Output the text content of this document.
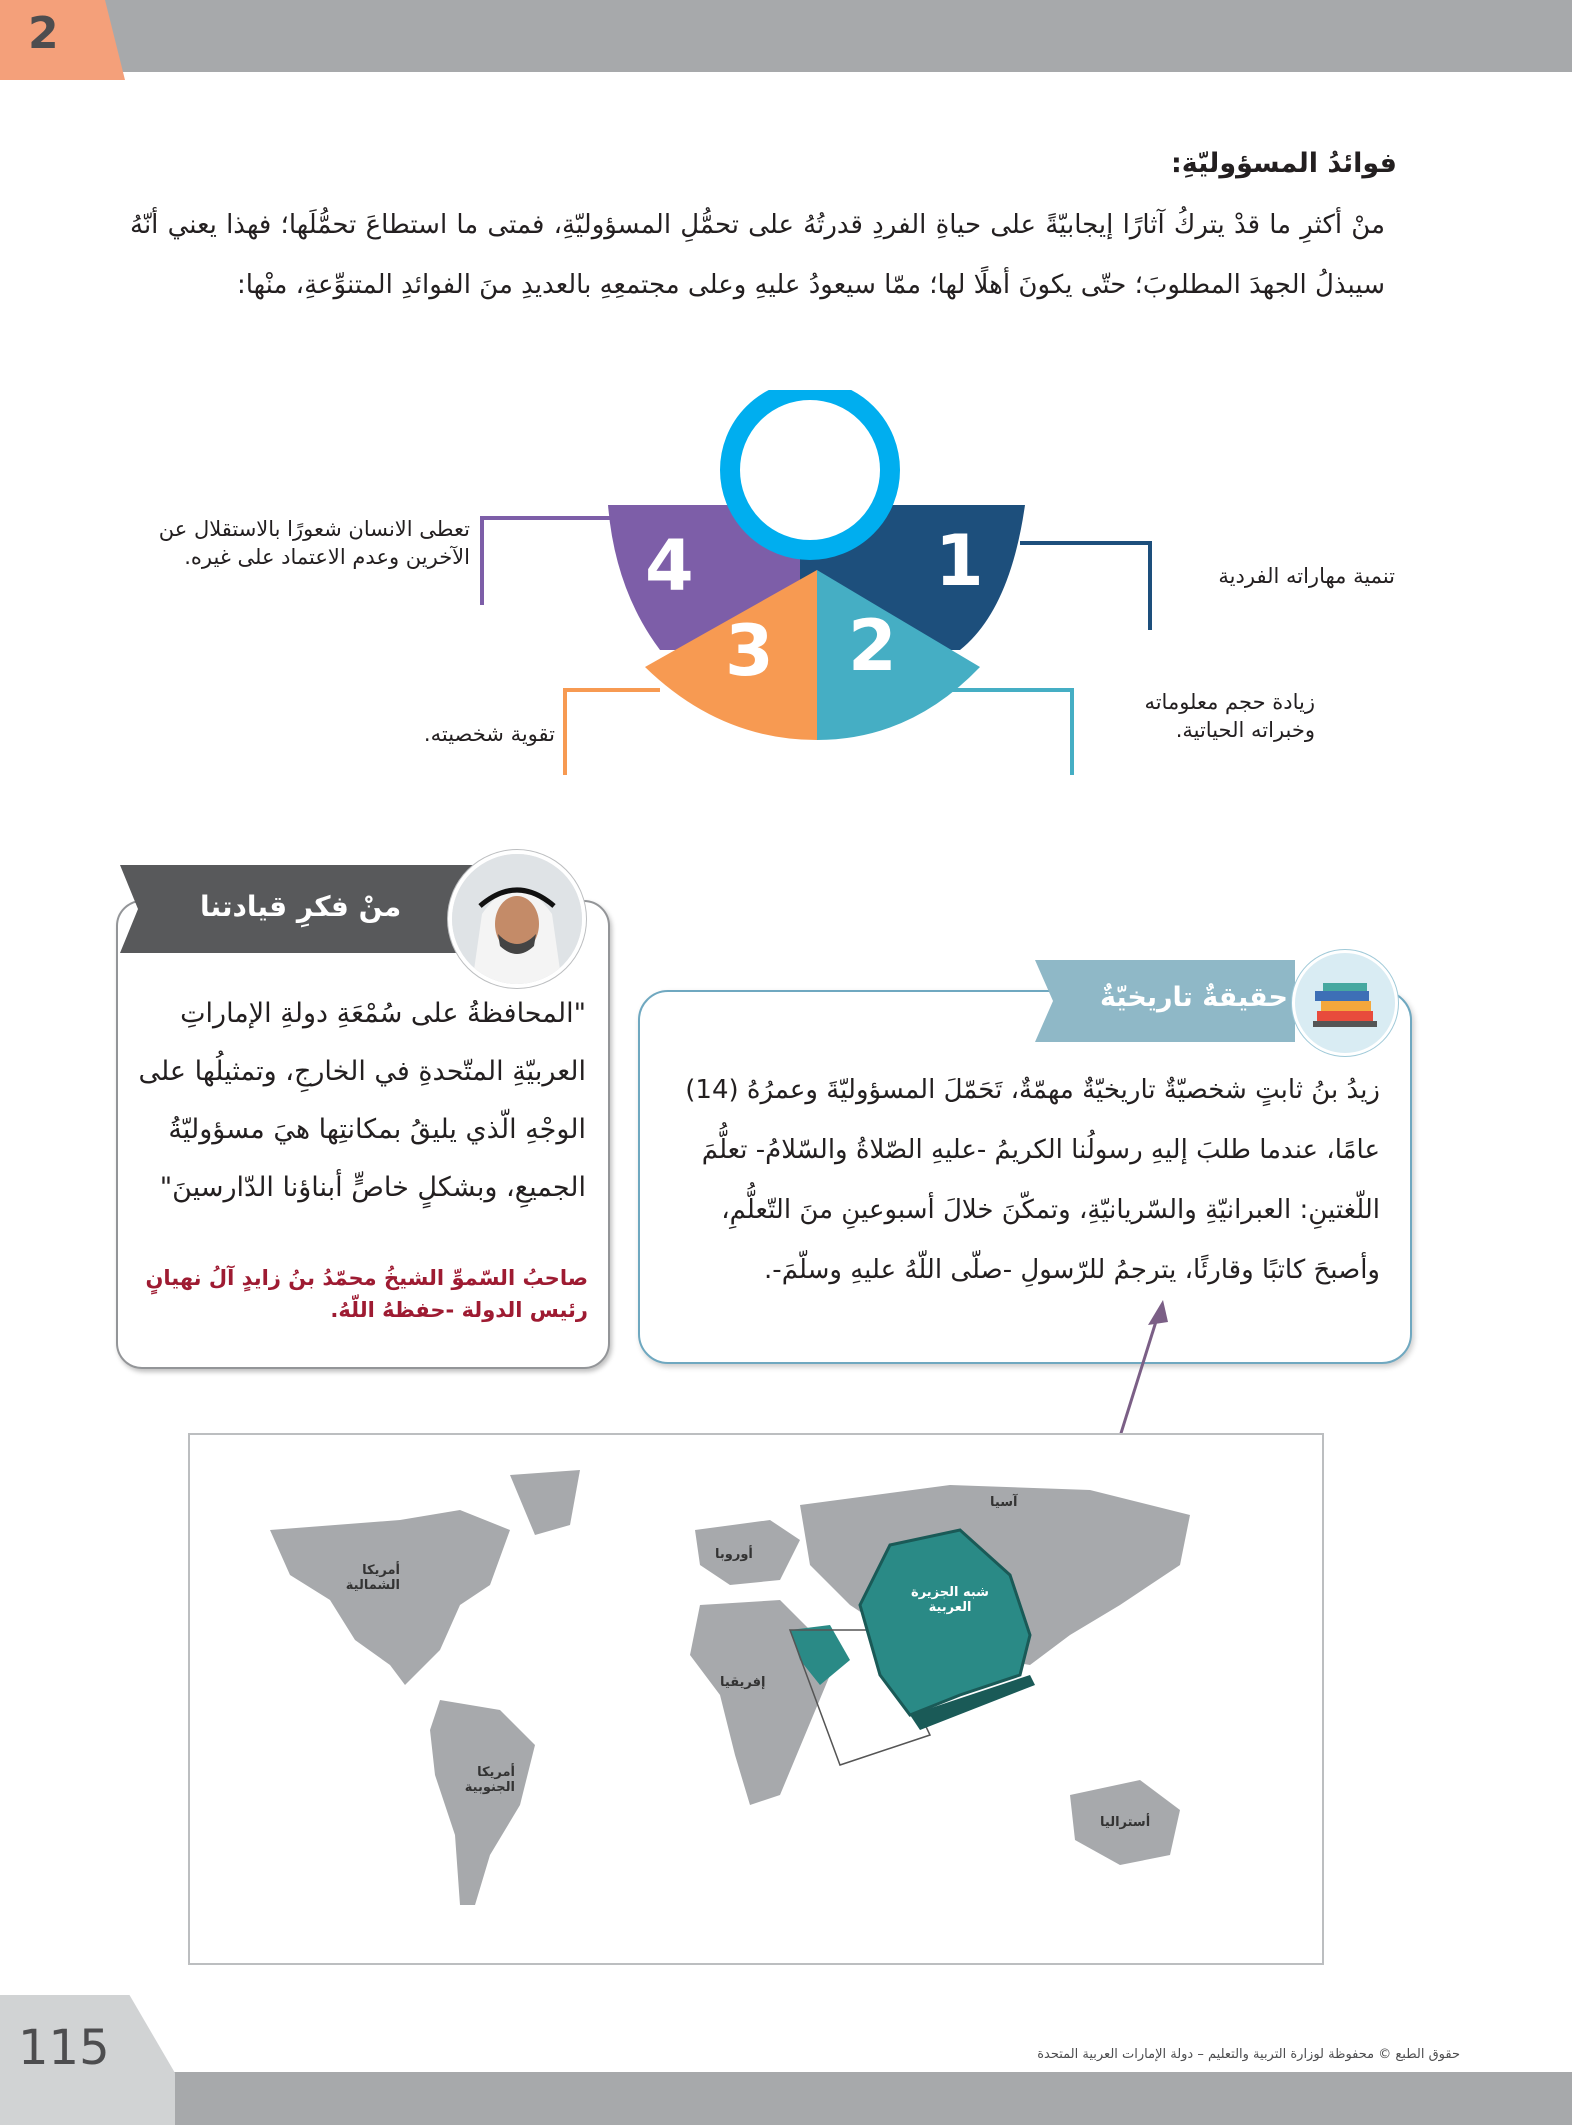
2
فوائدُ المسؤوليّةِ:
منْ أكثرِ ما قدْ يتركُ آثارًا إيجابيّةً على حياةِ الفردِ قدرتُهُ على تحمُّلِ المسؤوليّةِ، فمتى ما استطاعَ تحمُّلَها؛ فهذا يعني أنّهُ سيبذلُ الجهدَ المطلوبَ؛ حتّى يكونَ أهلًا لها؛ ممّا سيعودُ عليهِ وعلى مجتمعِهِ بالعديدِ منَ الفوائدِ المتنوِّعةِ، منْها:
1
2
3
4	تنمية مهاراته الفردية
زيادة حجم معلوماته وخبراته الحياتية.
تقوية شخصيته.
تعطى الانسان شعورًا بالاستقلال عن الآخرين وعدم الاعتماد على غيره.
منْ فكرِ قيادتنا
"المحافظةُ على سُمْعَةِ دولةِ الإماراتِ العربيّةِ المتّحدةِ في الخارجِ، وتمثيلُها على الوجْهِ الّذي يليقُ بمكانتِها هيَ مسؤوليّةُ الجميعِ، وبشكلٍ خاصٍّ أبناؤنا الدّارسينَ"
صاحبُ السّموِّ الشيخُ محمّدُ بنُ زايدٍ آلُ نهيانٍ رئيس الدولة -حفظهُ اللّهُ.
حقيقةٌ تاريخيّةٌ
زيدُ بنُ ثابتٍ شخصيّةٌ تاريخيّةٌ مهمّةٌ، تَحَمّلَ المسؤوليّةَ وعمرُهُ (14) عامًا، عندما طلبَ إليهِ رسولُنا الكريمُ -عليهِ الصّلاةُ والسّلامُ- تعلُّمَ اللّغتينِ: العبرانيّةِ والسّريانيّةِ، وتمكّنَ خلالَ أسبوعينِ منَ التّعلُّمِ، وأصبحَ كاتبًا وقارئًا، يترجمُ للرّسولِ -صلّى اللّهُ عليهِ وسلّمَ-.
أمريكا الشمالية
أوروبا
آسيا
إفريقيا
أمريكا الجنوبية
أستراليا
شبه الجزيرة العربية
115	حقوق الطبع © محفوظة لوزارة التربية والتعليم – دولة الإمارات العربية المتحدة
